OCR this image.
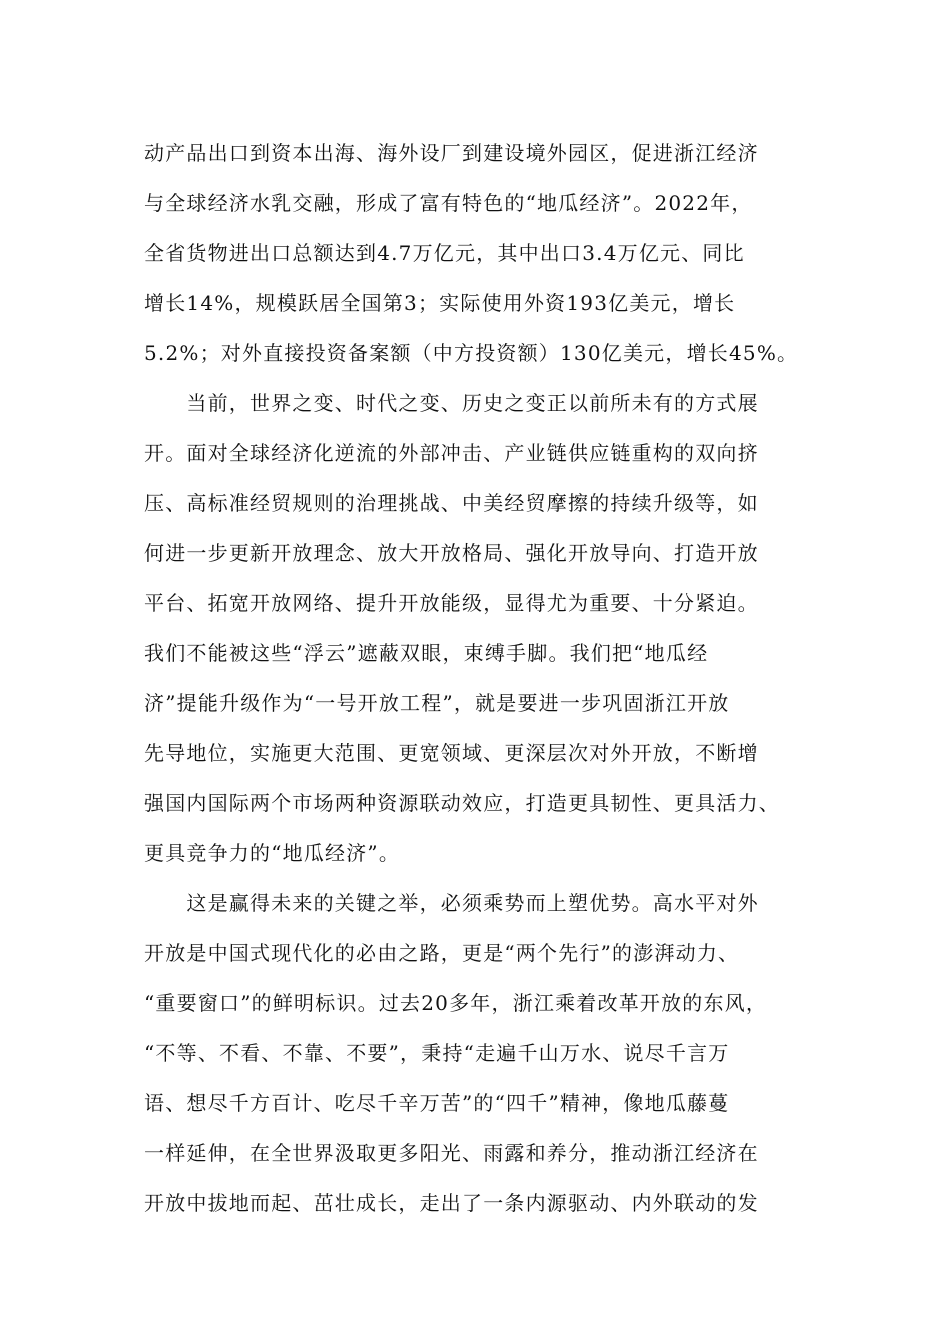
动产品出口到资本出海、海外设厂到建设境外园区，促进浙江经济
与全球经济水乳交融，形成了富有特色的“地瓜经济”。2022年，
全省货物进出口总额达到4.7万亿元，其中出口3.4万亿元、同比
增长14%，规模跃居全国第3；实际使用外资193亿美元，增长
5.2%；对外直接投资备案额（中方投资额）130亿美元，增长45%。
　　当前，世界之变、时代之变、历史之变正以前所未有的方式展
开。面对全球经济化逆流的外部冲击、产业链供应链重构的双向挤
压、高标准经贸规则的治理挑战、中美经贸摩擦的持续升级等，如
何进一步更新开放理念、放大开放格局、强化开放导向、打造开放
平台、拓宽开放网络、提升开放能级，显得尤为重要、十分紧迫。
我们不能被这些“浮云”遮蔽双眼，束缚手脚。我们把“地瓜经
济”提能升级作为“一号开放工程”，就是要进一步巩固浙江开放
先导地位，实施更大范围、更宽领域、更深层次对外开放，不断增
强国内国际两个市场两种资源联动效应，打造更具韧性、更具活力、
更具竞争力的“地瓜经济”。
　　这是赢得未来的关键之举，必须乘势而上塑优势。高水平对外
开放是中国式现代化的必由之路，更是“两个先行”的澎湃动力、
“重要窗口”的鲜明标识。过去20多年，浙江乘着改革开放的东风，
“不等、不看、不靠、不要”，秉持“走遍千山万水、说尽千言万
语、想尽千方百计、吃尽千辛万苦”的“四千”精神，像地瓜藤蔓
一样延伸，在全世界汲取更多阳光、雨露和养分，推动浙江经济在
开放中拔地而起、茁壮成长，走出了一条内源驱动、内外联动的发
